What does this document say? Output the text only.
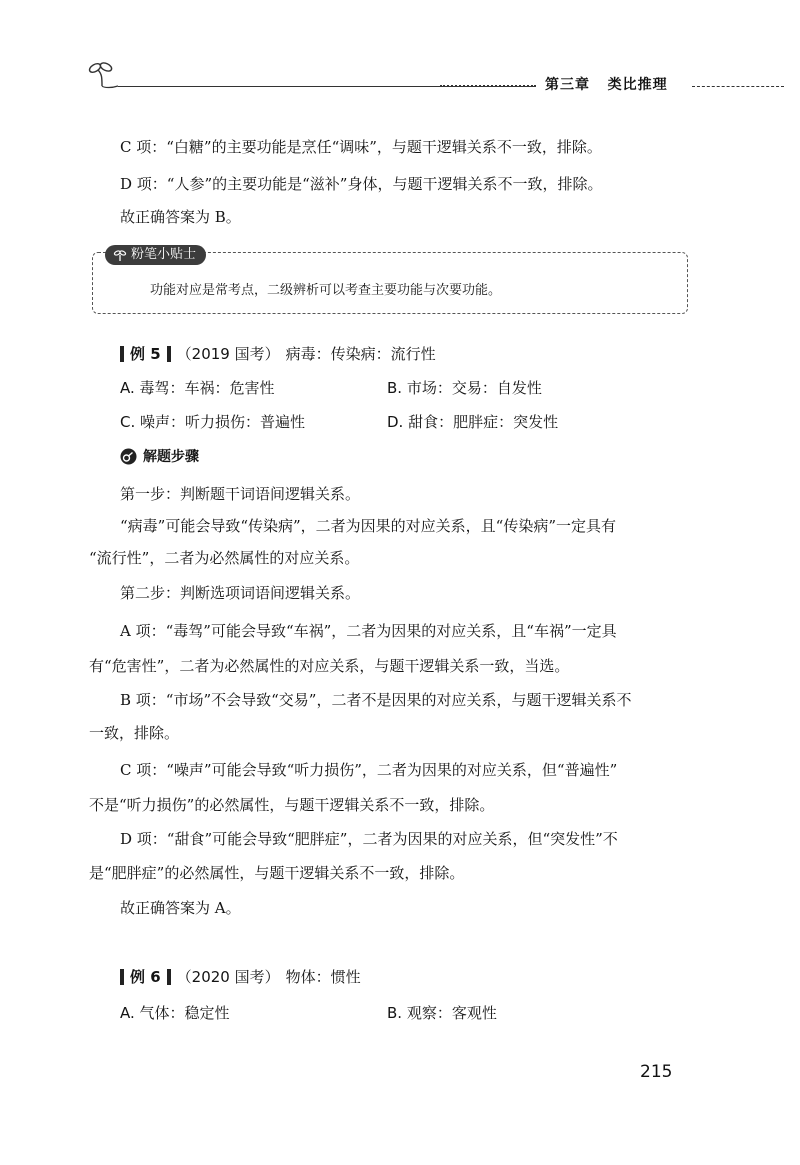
第三章 类比推理
C 项：“白糖”的主要功能是烹任“调味”，与题干逻辑关系不一致，排除。
D 项：“人参”的主要功能是“滋补”身体，与题干逻辑关系不一致，排除。
故正确答案为 B。
粉笔小贴士
功能对应是常考点，二级辨析可以考查主要功能与次要功能。
例 5 （2019 国考） 病毒：传染病：流行性
A. 毒驾：车祸：危害性	B. 市场：交易：自发性
C. 噪声：听力损伤：普遍性	D. 甜食：肥胖症：突发性
解题步骤
第一步：判断题干词语间逻辑关系。
“病毒”可能会导致“传染病”，二者为因果的对应关系，且“传染病”一定具有
“流行性”，二者为必然属性的对应关系。
第二步：判断选项词语间逻辑关系。
A 项：“毒驾”可能会导致“车祸”，二者为因果的对应关系，且“车祸”一定具
有“危害性”，二者为必然属性的对应关系，与题干逻辑关系一致，当选。
B 项：“市场”不会导致“交易”，二者不是因果的对应关系，与题干逻辑关系不
一致，排除。
C 项：“噪声”可能会导致“听力损伤”，二者为因果的对应关系，但“普遍性”
不是“听力损伤”的必然属性，与题干逻辑关系不一致，排除。
D 项：“甜食”可能会导致“肥胖症”，二者为因果的对应关系，但“突发性”不
是“肥胖症”的必然属性，与题干逻辑关系不一致，排除。
故正确答案为 A。
例 6 （2020 国考） 物体：惯性
A. 气体：稳定性	B. 观察：客观性
215
